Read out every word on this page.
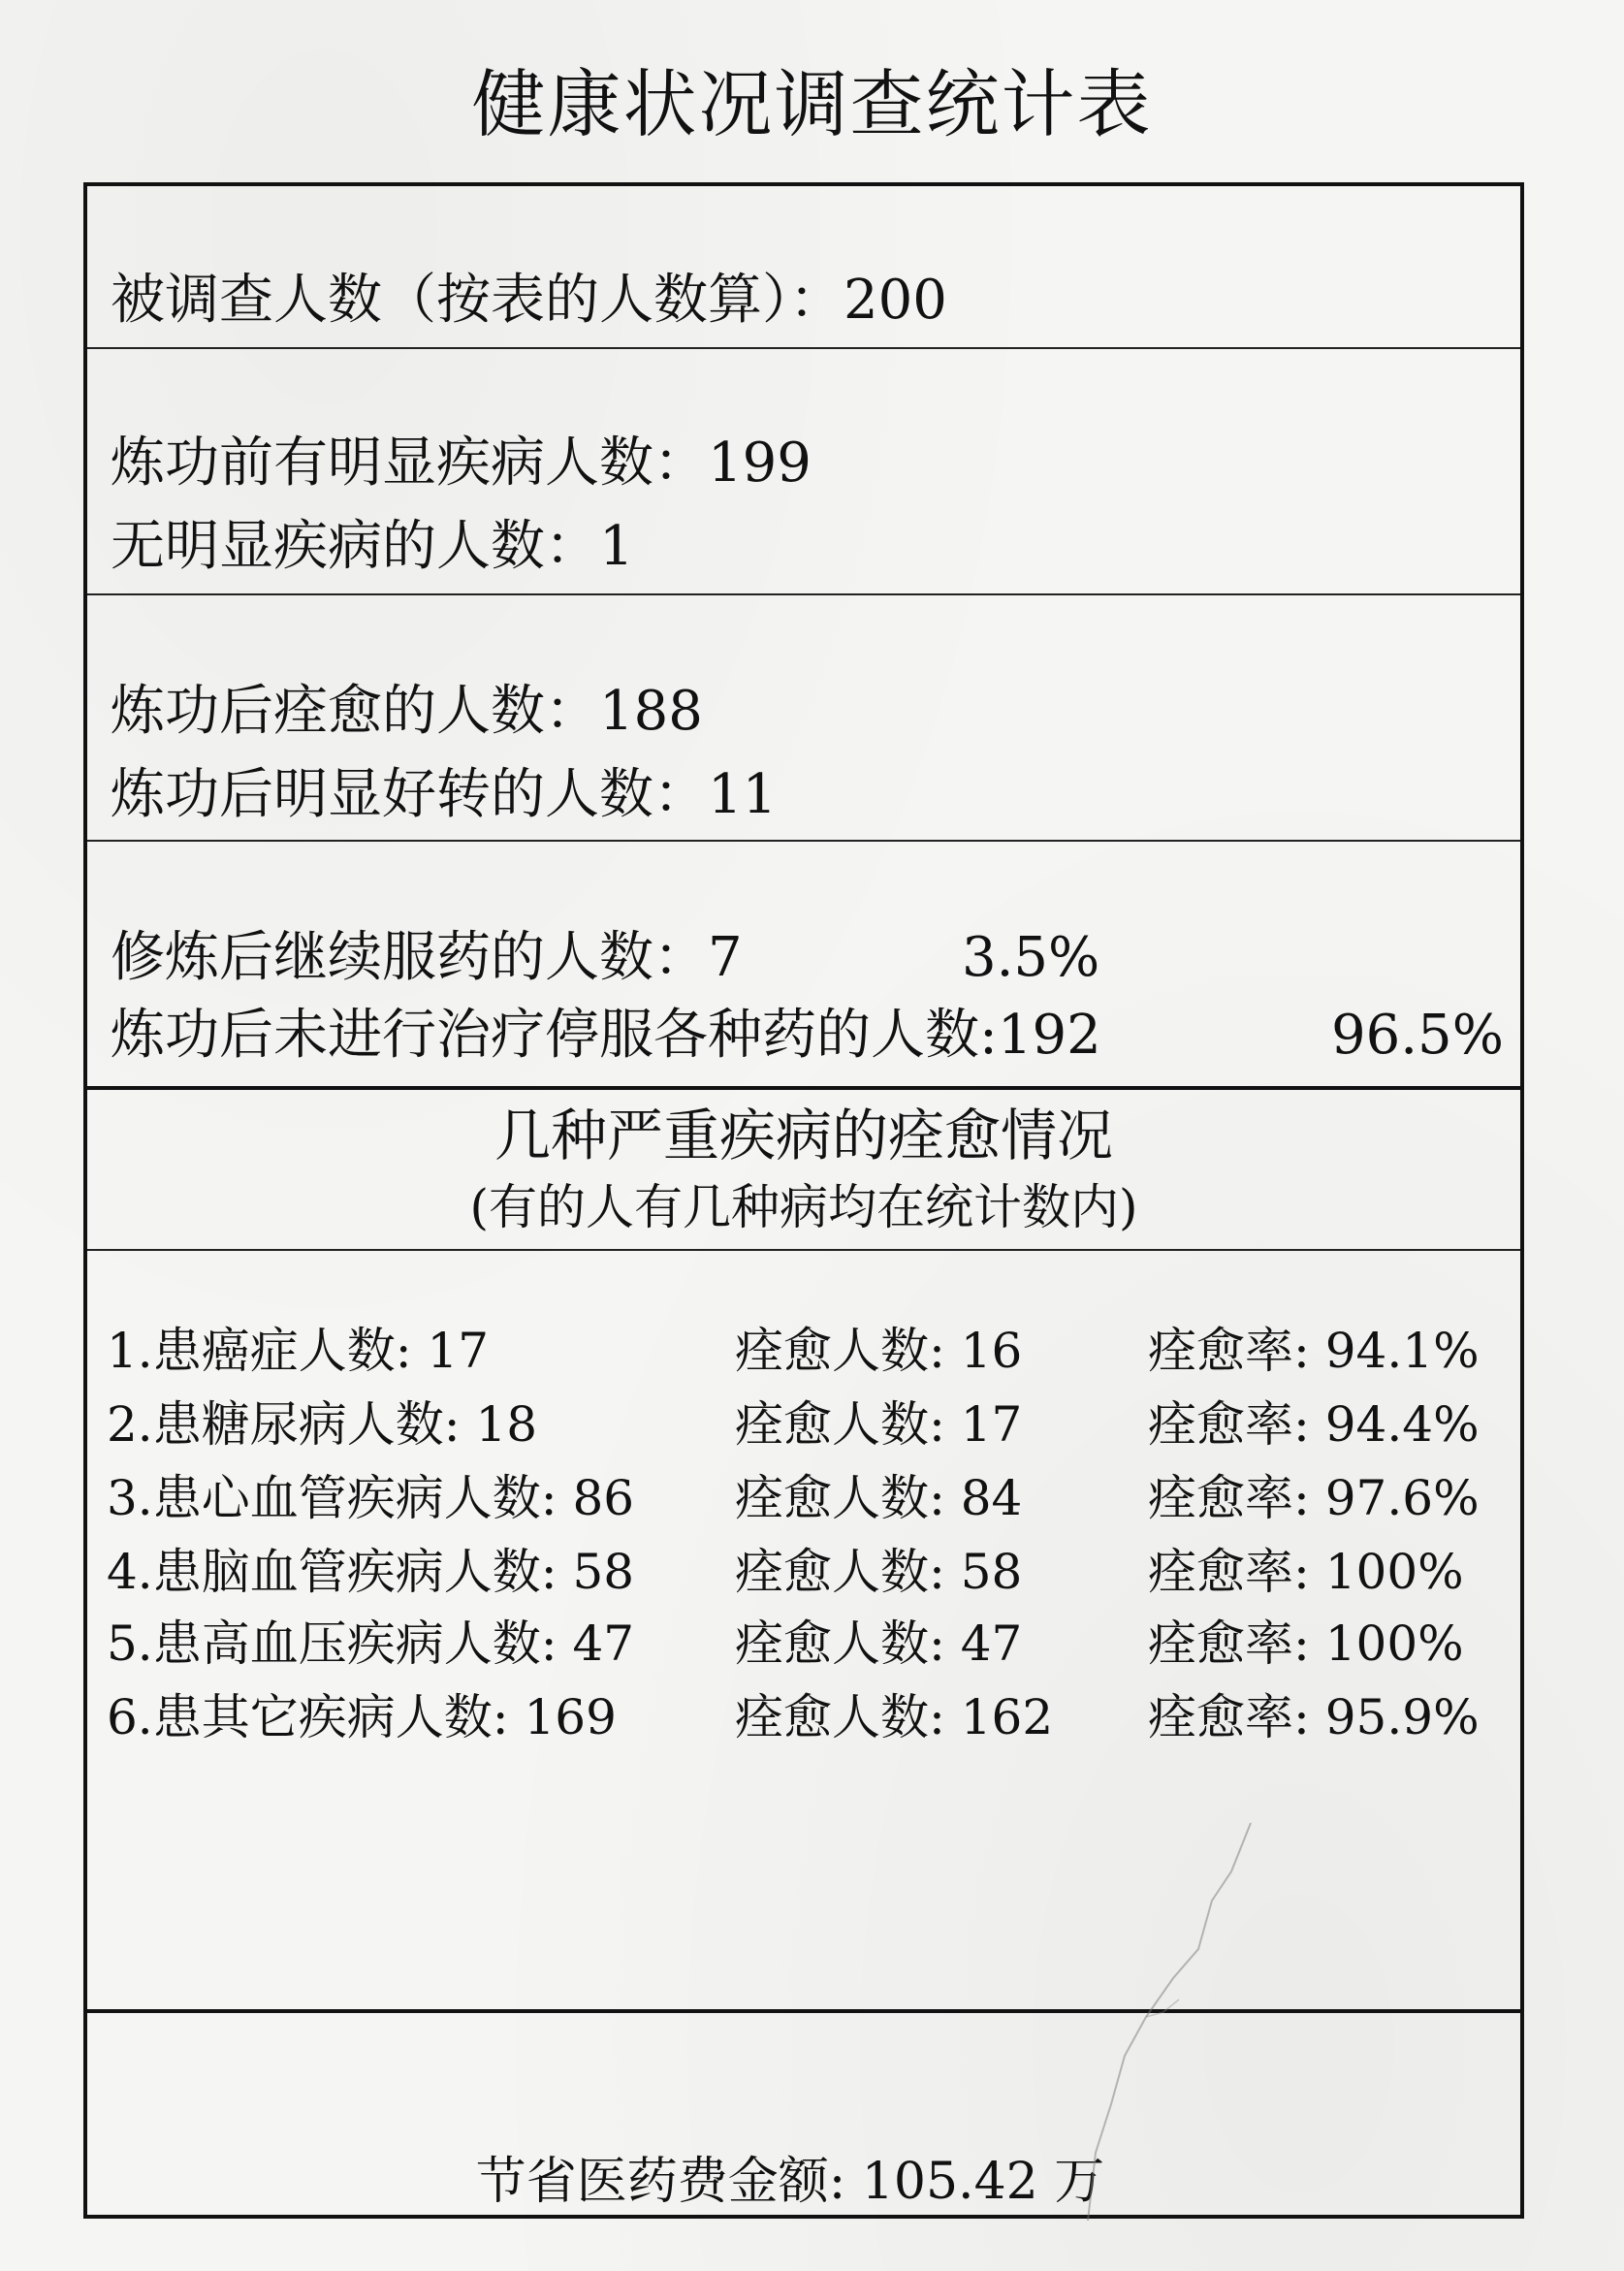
健康状况调查统计表
被调查人数（按表的人数算）：200
炼功前有明显疾病人数：199
无明显疾病的人数：1
炼功后痊愈的人数：188
炼功后明显好转的人数：11
修炼后继续服药的人数：7	3.5%
炼功后未进行治疗停服各种药的人数:192	96.5%
几种严重疾病的痊愈情况
(有的人有几种病均在统计数内)
1.患癌症人数: 17	痊愈人数: 16	痊愈率: 94.1%
2.患糖尿病人数: 18	痊愈人数: 17	痊愈率: 94.4%
3.患心血管疾病人数: 86 痊愈人数: 84	痊愈率: 97.6%
4.患脑血管疾病人数: 58 痊愈人数: 58	痊愈率: 100%
5.患高血压疾病人数: 47 痊愈人数: 47	痊愈率: 100%
6.患其它疾病人数: 169 痊愈人数: 162 痊愈率: 95.9%
节省医药费金额: 105.42 万
